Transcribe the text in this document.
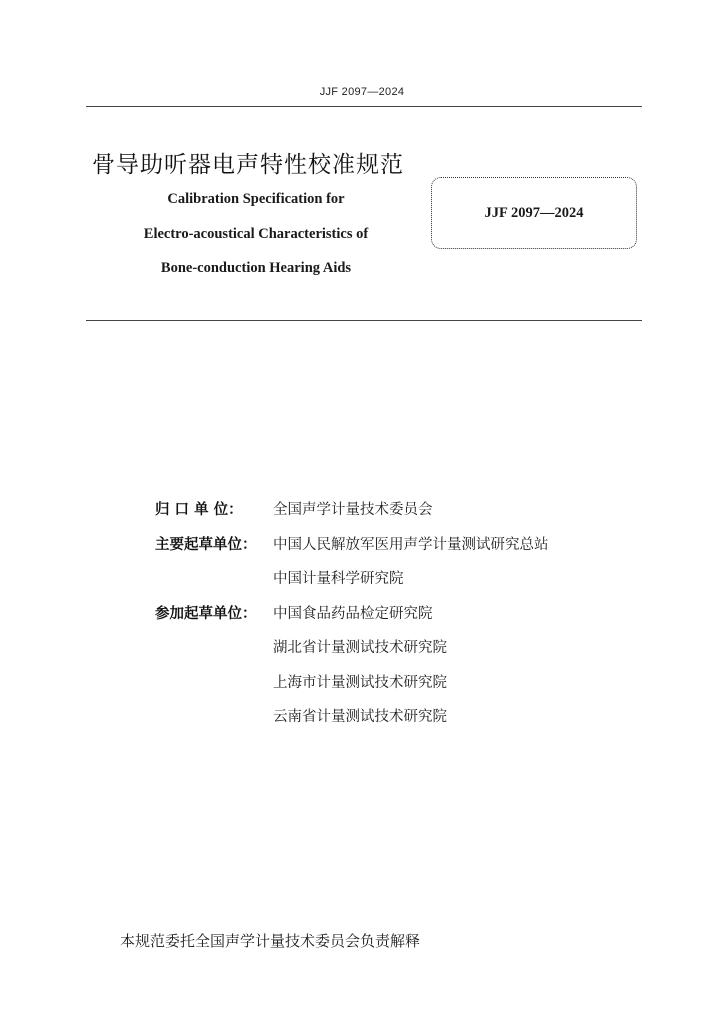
JJF 2097—2024
骨导助听器电声特性校准规范
Calibration Specification for
Electro-acoustical Characteristics of
Bone-conduction Hearing Aids
JJF 2097—2024
归 口 单 位：	全国声学计量技术委员会
主要起草单位：	中国人民解放军医用声学计量测试研究总站
中国计量科学研究院
参加起草单位：	中国食品药品检定研究院
湖北省计量测试技术研究院
上海市计量测试技术研究院
云南省计量测试技术研究院
本规范委托全国声学计量技术委员会负责解释
